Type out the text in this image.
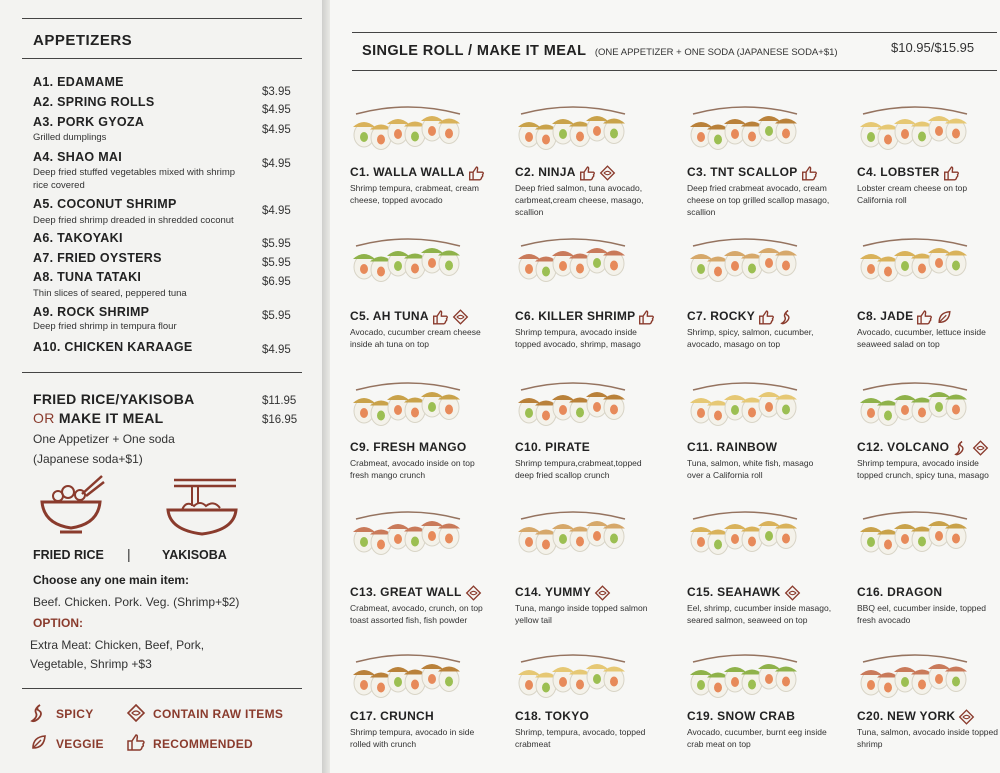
APPETIZERS
A1. EDAMAME
$3.95
A2. SPRING ROLLS
$4.95
A3. PORK GYOZA
Grilled dumplings
$4.95
A4. SHAO MAI
Deep fried stuffed vegetables mixed with shrimp rice covered
$4.95
A5. COCONUT SHRIMP
Deep fried shrimp dreaded in shredded coconut
$4.95
A6. TAKOYAKI	$5.95
A7. FRIED OYSTERS	$5.95
A8. TUNA TATAKI
Thin slices of seared, peppered tuna
$6.95
A9. ROCK SHRIMP
Deep fried shrimp in tempura flour
$5.95
A10. CHICKEN KARAAGE	$4.95
FRIED RICE/YAKISOBA
OR MAKE IT MEAL
$11.95
$16.95
One Appetizer + One soda
(Japanese soda+$1)
FRIED RICE |	YAKISOBA
Choose any one main item:
Beef. Chicken. Pork. Veg. (Shrimp+$2)
OPTION:
Extra Meat: Chicken, Beef, Pork,
Vegetable, Shrimp +$3
SPICY	CONTAIN RAW ITEMS
VEGGIE	RECOMMENDED
SINGLE ROLL / MAKE IT MEAL (ONE APPETIZER + ONE SODA (JAPANESE SODA+$1)	$10.95/$15.95
C1. WALLA WALLA
Shrimp tempura, crabmeat, cream cheese, topped avocado
C2. NINJA
Deep fried salmon, tuna avocado, carbmeat,cream cheese, masago, scallion
C3. TNT SCALLOP
Deep fried crabmeat avocado, cream cheese on top grilled scallop masago, scallion
C4. LOBSTER
Lobster cream cheese on top California roll
C5. AH TUNA
Avocado, cucumber cream cheese inside ah tuna on top
C6. KILLER SHRIMP
Shrimp tempura, avocado inside topped avocado, shrimp, masago
C7. ROCKY
Shrimp, spicy, salmon, cucumber, avocado, masago on top
C8. JADE
Avocado, cucumber, lettuce inside seaweed salad on top
C9. FRESH MANGO
Crabmeat, avocado inside on top fresh mango crunch
C10. PIRATE
Shrimp tempura,crabmeat,topped deep fried scallop crunch
C11. RAINBOW
Tuna, salmon, white fish, masago over a California roll
C12. VOLCANO
Shrimp tempura, avocado inside topped crunch, spicy tuna, masago
C13. GREAT WALL
Crabmeat, avocado, crunch, on top toast assorted fish, fish powder
C14. YUMMY
Tuna, mango inside topped salmon yellow tail
C15. SEAHAWK
Eel, shrimp, cucumber inside masago, seared salmon, seaweed on top
C16. DRAGON
BBQ eel, cucumber inside, topped fresh avocado
C17. CRUNCH
Shrimp tempura, avocado in side rolled with crunch
C18. TOKYO
Shrimp, tempura, avocado, topped crabmeat
C19. SNOW CRAB
Avocado, cucumber, burnt eeg inside crab meat on top
C20. NEW YORK
Tuna, salmon, avocado inside topped shrimp
